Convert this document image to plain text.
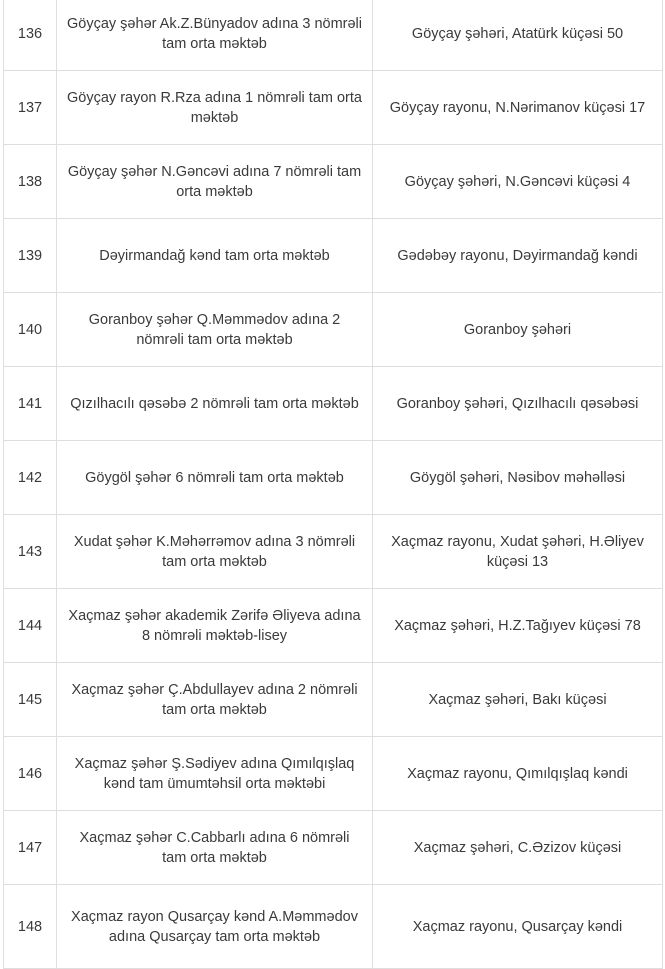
136	Göyçay şəhər Ak.Z.Bünyadov adına 3 nömrəli tam orta məktəb	Göyçay şəhəri, Atatürk küçəsi 50
137	Göyçay rayon R.Rza adına 1 nömrəli tam orta məktəb	Göyçay rayonu, N.Nərimanov küçəsi 17
138	Göyçay şəhər N.Gəncəvi adına 7 nömrəli tam orta məktəb	Göyçay şəhəri, N.Gəncəvi küçəsi 4
139	Dəyirmandağ kənd tam orta məktəb	Gədəbəy rayonu, Dəyirmandağ kəndi
140	Goranboy şəhər Q.Məmmədov adına 2 nömrəli tam orta məktəb	Goranboy şəhəri
141	Qızılhacılı qəsəbə 2 nömrəli tam orta məktəb	Goranboy şəhəri, Qızılhacılı qəsəbəsi
142	Göygöl şəhər 6 nömrəli tam orta məktəb	Göygöl şəhəri, Nəsibov məhəlləsi
143	Xudat şəhər K.Məhərrəmov adına 3 nömrəli tam orta məktəb	Xaçmaz rayonu, Xudat şəhəri, H.Əliyev küçəsi 13
144	Xaçmaz şəhər akademik Zərifə Əliyeva adına 8 nömrəli məktəb-lisey	Xaçmaz şəhəri, H.Z.Tağıyev küçəsi 78
145	Xaçmaz şəhər Ç.Abdullayev adına 2 nömrəli tam orta məktəb	Xaçmaz şəhəri, Bakı küçəsi
146	Xaçmaz şəhər Ş.Sədiyev adına Qımılqışlaq kənd tam ümumtəhsil orta məktəbi	Xaçmaz rayonu, Qımılqışlaq kəndi
147	Xaçmaz şəhər C.Cabbarlı adına 6 nömrəli tam orta məktəb	Xaçmaz şəhəri, C.Əzizov küçəsi
148	Xaçmaz rayon Qusarçay kənd A.Məmmədov adına Qusarçay tam orta məktəb	Xaçmaz rayonu, Qusarçay kəndi
